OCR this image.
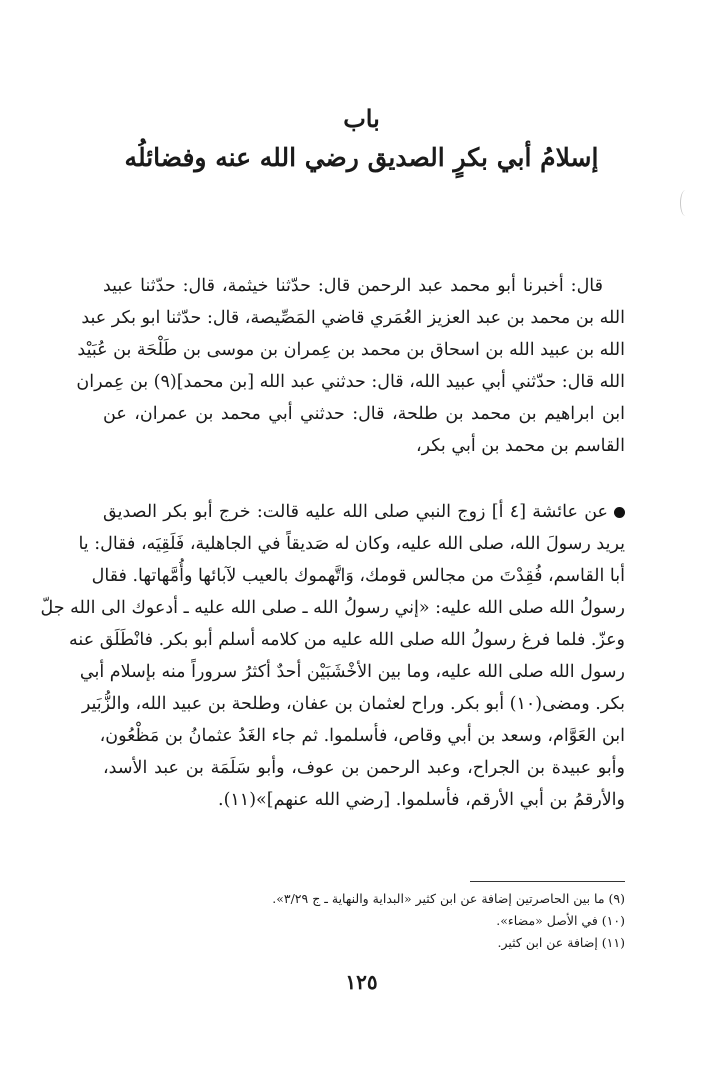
باب
إسلامُ أبي بكرٍ الصديق رضي الله عنه وفضائلُه
قال: أخبرنا أبو محمد عبد الرحمن قال: حدّثنا خيثمة، قال: حدّثنا عبيد
الله بن محمد بن عبد العزيز العُمَري قاضي المَصِّيصة، قال: حدّثنا ابو بكر عبد
الله بن عبيد الله بن اسحاق بن محمد بن عِمران بن موسى بن طَلْحَة بن عُبَيْد
الله قال: حدّثني أبي عبيد الله، قال: حدثني عبد الله [بن محمد](٩) بن عِمران
ابن ابراهيم بن محمد بن طلحة، قال: حدثني أبي محمد بن عمران، عن
القاسم بن محمد بن أبي بكر،
عن عائشة [٤ أ] زوج النبي صلى الله عليه قالت: خرج أبو بكر الصديق
يريد رسولَ الله، صلى الله عليه، وكان له صَديقاً في الجاهلية، فَلَقِيَه، فقال: يا
أبا القاسم، فُقِدْتَ من مجالس قومك، وَاتَّهموك بالعيب لآبائها وأُمَّهاتها. فقال
رسولُ الله صلى الله عليه: «إني رسولُ الله ـ صلى الله عليه ـ أدعوك الى الله جلّ
وعزّ. فلما فرغ رسولُ الله صلى الله عليه من كلامه أسلم أبو بكر. فانْطَلَق عنه
رسول الله صلى الله عليه، وما بين الأخْشَبَيْن أحدٌ أكثرُ سروراً منه بإسلام أبي
بكر. ومضى(١٠) أبو بكر. وراح لعثمان بن عفان، وطلحة بن عبيد الله، والزُّبَير
ابن العَوَّام، وسعد بن أبي وقاص، فأسلموا. ثم جاء الغَدُ عثمانُ بن مَظْعُون،
وأبو عبيدة بن الجراح، وعبد الرحمن بن عوف، وأبو سَلَمَة بن عبد الأسد،
والأرقمُ بن أبي الأرقم، فأسلموا. [رضي الله عنهم]»(١١).
(٩) ما بين الحاصرتين إضافة عن ابن كثير «البداية والنهاية ـ ج ٣/٢٩».
(١٠) في الأصل «مضاء».
(١١) إضافة عن ابن كثير.
١٢٥
